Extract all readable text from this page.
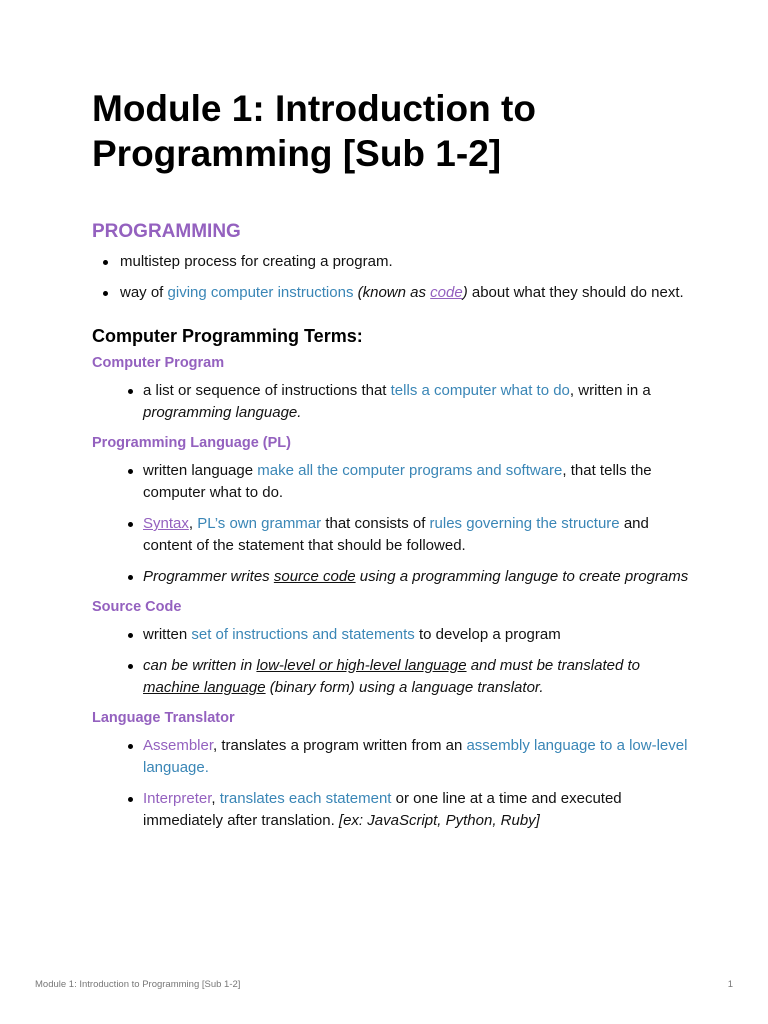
Module 1: Introduction to Programming [Sub 1-2]
PROGRAMMING
multistep process for creating a program.
way of giving computer instructions (known as code) about what they should do next.
Computer Programming Terms:
Computer Program
a list or sequence of instructions that tells a computer what to do, written in a programming language.
Programming Language (PL)
written language make all the computer programs and software, that tells the computer what to do.
Syntax, PL’s own grammar that consists of rules governing the structure and content of the statement that should be followed.
Programmer writes source code using a programming languge to create programs
Source Code
written set of instructions and statements to develop a program
can be written in low-level or high-level language and must be translated to machine language (binary form) using a language translator.
Language Translator
Assembler, translates a program written from an assembly language to a low-level language.
Interpreter, translates each statement or one line at a time and executed immediately after translation. [ex: JavaScript, Python, Ruby]
Module 1: Introduction to Programming [Sub 1-2]	1
